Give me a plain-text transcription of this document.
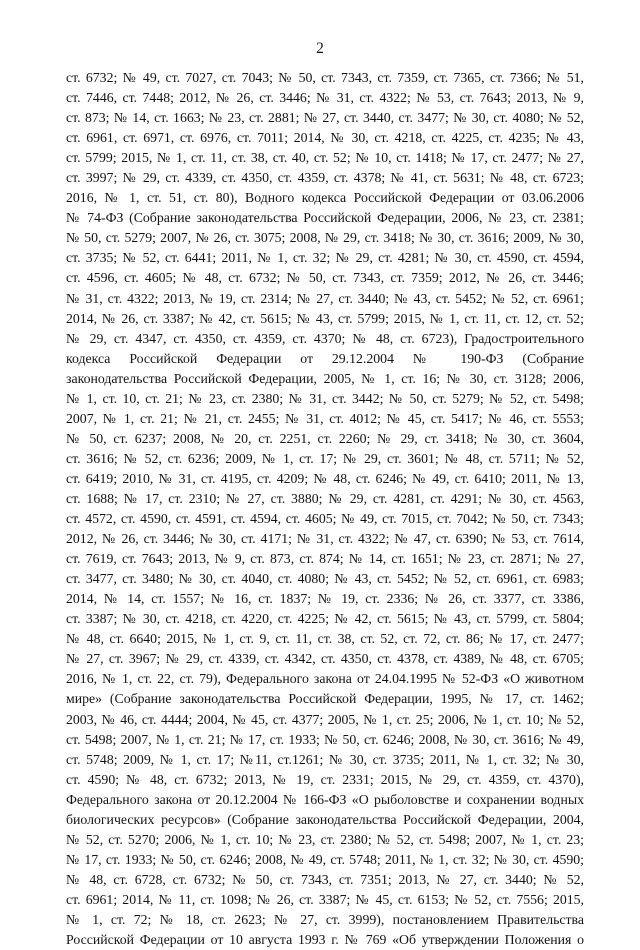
2
ст. 6732; № 49, ст. 7027, ст. 7043; № 50, ст. 7343, ст. 7359, ст. 7365, ст. 7366; № 51,
ст. 7446, ст. 7448; 2012, № 26, ст. 3446; № 31, ст. 4322; № 53, ст. 7643; 2013, № 9,
ст. 873; № 14, ст. 1663; № 23, ст. 2881; № 27, ст. 3440, ст. 3477; № 30, ст. 4080; № 52,
ст. 6961, ст. 6971, ст. 6976, ст. 7011; 2014, № 30, ст. 4218, ст. 4225, ст. 4235; № 43,
ст. 5799; 2015, № 1, ст. 11, ст. 38, ст. 40, ст. 52; № 10, ст. 1418; № 17, ст. 2477; № 27,
ст. 3997; № 29, ст. 4339, ст. 4350, ст. 4359, ст. 4378; № 41, ст. 5631; № 48, ст. 6723;
2016, № 1, ст. 51, ст. 80), Водного кодекса Российской Федерации от 03.06.2006
№ 74-ФЗ (Собрание законодательства Российской Федерации, 2006, № 23, ст. 2381;
№ 50, ст. 5279; 2007, № 26, ст. 3075; 2008, № 29, ст. 3418; № 30, ст. 3616; 2009, № 30,
ст. 3735; № 52, ст. 6441; 2011, № 1, ст. 32; № 29, ст. 4281; № 30, ст. 4590, ст. 4594,
ст. 4596, ст. 4605; № 48, ст. 6732; № 50, ст. 7343, ст. 7359; 2012, № 26, ст. 3446;
№ 31, ст. 4322; 2013, № 19, ст. 2314; № 27, ст. 3440; № 43, ст. 5452; № 52, ст. 6961;
2014, № 26, ст. 3387; № 42, ст. 5615; № 43, ст. 5799; 2015, № 1, ст. 11, ст. 12, ст. 52;
№ 29, ст. 4347, ст. 4350, ст. 4359, ст. 4370; № 48, ст. 6723), Градостроительного
кодекса Российской Федерации от 29.12.2004 № 190-ФЗ (Собрание
законодательства Российской Федерации, 2005, № 1, ст. 16; № 30, ст. 3128; 2006,
№ 1, ст. 10, ст. 21; № 23, ст. 2380; № 31, ст. 3442; № 50, ст. 5279; № 52, ст. 5498;
2007, № 1, ст. 21; № 21, ст. 2455; № 31, ст. 4012; № 45, ст. 5417; № 46, ст. 5553;
№ 50, ст. 6237; 2008, № 20, ст. 2251, ст. 2260; № 29, ст. 3418; № 30, ст. 3604,
ст. 3616; № 52, ст. 6236; 2009, № 1, ст. 17; № 29, ст. 3601; № 48, ст. 5711; № 52,
ст. 6419; 2010, № 31, ст. 4195, ст. 4209; № 48, ст. 6246; № 49, ст. 6410; 2011, № 13,
ст. 1688; № 17, ст. 2310; № 27, ст. 3880; № 29, ст. 4281, ст. 4291; № 30, ст. 4563,
ст. 4572, ст. 4590, ст. 4591, ст. 4594, ст. 4605; № 49, ст. 7015, ст. 7042; № 50, ст. 7343;
2012, № 26, ст. 3446; № 30, ст. 4171; № 31, ст. 4322; № 47, ст. 6390; № 53, ст. 7614,
ст. 7619, ст. 7643; 2013, № 9, ст. 873, ст. 874; № 14, ст. 1651; № 23, ст. 2871; № 27,
ст. 3477, ст. 3480; № 30, ст. 4040, ст. 4080; № 43, ст. 5452; № 52, ст. 6961, ст. 6983;
2014, № 14, ст. 1557; № 16, ст. 1837; № 19, ст. 2336; № 26, ст. 3377, ст. 3386,
ст. 3387; № 30, ст. 4218, ст. 4220, ст. 4225; № 42, ст. 5615; № 43, ст. 5799, ст. 5804;
№ 48, ст. 6640; 2015, № 1, ст. 9, ст. 11, ст. 38, ст. 52, ст. 72, ст. 86; № 17, ст. 2477;
№ 27, ст. 3967; № 29, ст. 4339, ст. 4342, ст. 4350, ст. 4378, ст. 4389, № 48, ст. 6705;
2016, № 1, ст. 22, ст. 79), Федерального закона от 24.04.1995 № 52-ФЗ «О животном
мире» (Собрание законодательства Российской Федерации, 1995, № 17, ст. 1462;
2003, № 46, ст. 4444; 2004, № 45, ст. 4377; 2005, № 1, ст. 25; 2006, № 1, ст. 10; № 52,
ст. 5498; 2007, № 1, ст. 21; № 17, ст. 1933; № 50, ст. 6246; 2008, № 30, ст. 3616; № 49,
ст. 5748; 2009, № 1, ст. 17; №11, ст.1261; № 30, ст. 3735; 2011, № 1, ст. 32; № 30,
ст. 4590; № 48, ст. 6732; 2013, № 19, ст. 2331; 2015, № 29, ст. 4359, ст. 4370),
Федерального закона от 20.12.2004 № 166-ФЗ «О рыболовстве и сохранении водных
биологических ресурсов» (Собрание законодательства Российской Федерации, 2004,
№ 52, ст. 5270; 2006, № 1, ст. 10; № 23, ст. 2380; № 52, ст. 5498; 2007, № 1, ст. 23;
№ 17, ст. 1933; № 50, ст. 6246; 2008, № 49, ст. 5748; 2011, № 1, ст. 32; № 30, ст. 4590;
№ 48, ст. 6728, ст. 6732; № 50, ст. 7343, ст. 7351; 2013, № 27, ст. 3440; № 52,
ст. 6961; 2014, № 11, ст. 1098; № 26, ст. 3387; № 45, ст. 6153; № 52, ст. 7556; 2015,
№ 1, ст. 72; № 18, ст. 2623; № 27, ст. 3999), постановлением Правительства
Российской Федерации от 10 августа 1993 г. № 769 «Об утверждении Положения о
